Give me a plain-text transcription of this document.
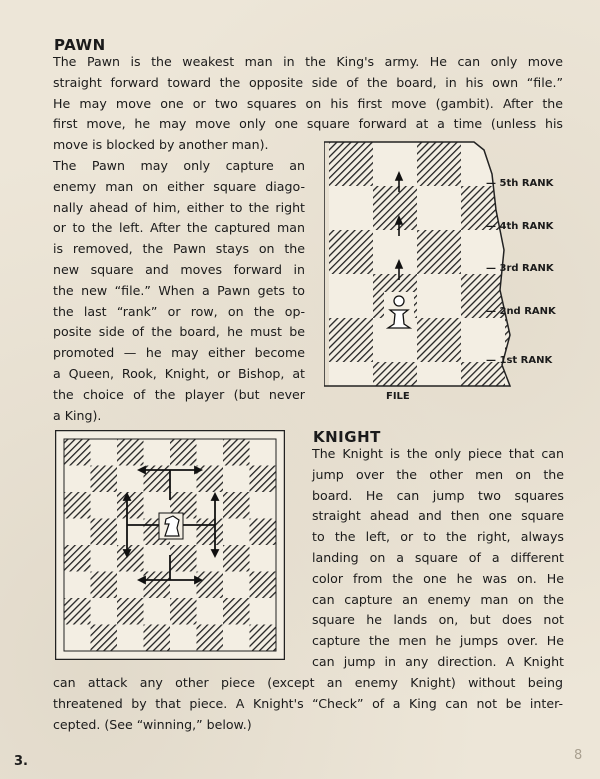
PAWN
The Pawn is the weakest man in the King's army. He can only move
straight forward toward the opposite side of the board, in his own “file.”
He may move one or two squares on his first move (gambit). After the
first move, he may move only one square forward at a time (unless his
move is blocked by another man).
The Pawn may only capture an
enemy man on either square diago-
nally ahead of him, either to the right
or to the left. After the captured man
is removed, the Pawn stays on the
new square and moves forward in
the new “file.” When a Pawn gets to
the last “rank” or row, on the op-
posite side of the board, he must be
promoted — he may either become
a Queen, Rook, Knight, or Bishop, at
the choice of the player (but never
a King).
— 5th RANK
— 4th RANK
— 3rd RANK
— 2nd RANK
— 1st RANK
FILE
KNIGHT
The Knight is the only piece that can
jump over the other men on the
board. He can jump two squares
straight ahead and then one square
to the left, or to the right, always
landing on a square of a different
color from the one he was on. He
can capture an enemy man on the
square he lands on, but does not
capture the men he jumps over. He
can jump in any direction. A Knight
can attack any other piece (except an enemy Knight) without being
threatened by that piece. A Knight's “Check” of a King can not be inter-
cepted. (See “winning,” below.)
3.	8
